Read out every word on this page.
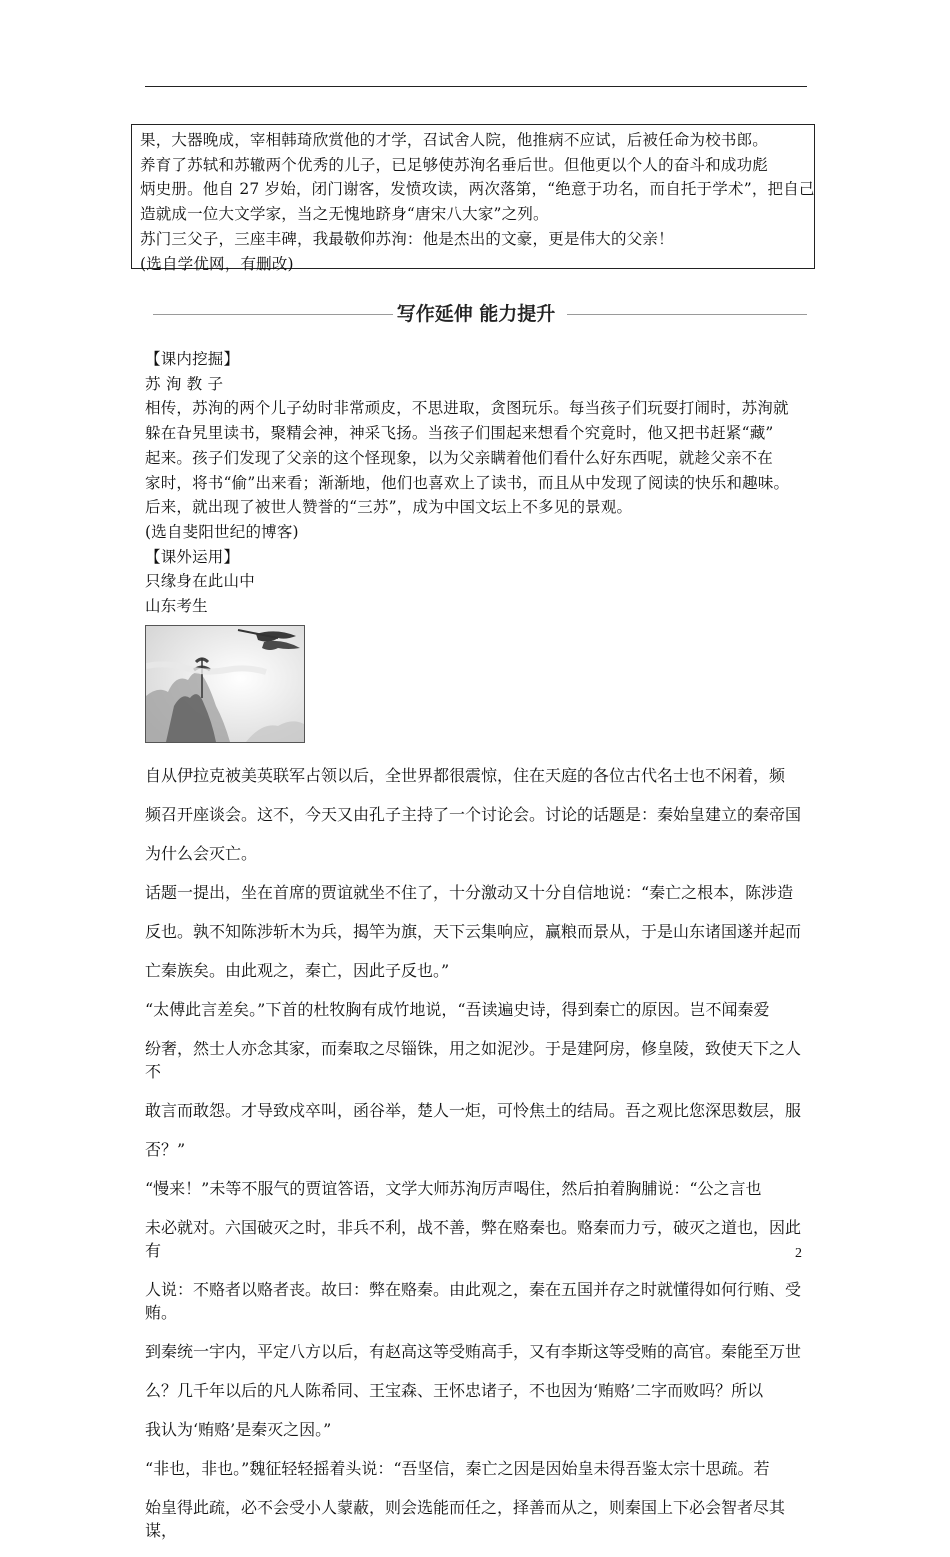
果，大器晚成，宰相韩琦欣赏他的才学，召试舍人院，他推病不应试，后被任命为校书郎。

养育了苏轼和苏辙两个优秀的儿子，已足够使苏洵名垂后世。但他更以个人的奋斗和成功彪

炳史册。他自 27 岁始，闭门谢客，发愤攻读，两次落第，“绝意于功名，而自托于学术”，把自己

造就成一位大文学家，当之无愧地跻身“唐宋八大家”之列。

苏门三父子，三座丰碑，我最敬仰苏洵：他是杰出的文豪，更是伟大的父亲！

(选自学优网，有删改)

写作延伸 能力提升

【课内挖掘】

苏 洵 教 子

相传，苏洵的两个儿子幼时非常顽皮，不思进取，贪图玩乐。每当孩子们玩耍打闹时，苏洵就

躲在旮旯里读书，聚精会神，神采飞扬。当孩子们围起来想看个究竟时，他又把书赶紧“藏”

起来。孩子们发现了父亲的这个怪现象，以为父亲瞒着他们看什么好东西呢，就趁父亲不在

家时，将书“偷”出来看；渐渐地，他们也喜欢上了读书，而且从中发现了阅读的快乐和趣味。

后来，就出现了被世人赞誉的“三苏”，成为中国文坛上不多见的景观。

(选自斐阳世纪的博客)

【课外运用】

只缘身在此山中

山东考生

自从伊拉克被美英联军占领以后，全世界都很震惊，住在天庭的各位古代名士也不闲着，频

频召开座谈会。这不，今天又由孔子主持了一个讨论会。讨论的话题是：秦始皇建立的秦帝国

为什么会灭亡。

话题一提出，坐在首席的贾谊就坐不住了，十分激动又十分自信地说：“秦亡之根本，陈涉造

反也。孰不知陈涉斩木为兵，揭竿为旗，天下云集响应，赢粮而景从，于是山东诸国遂并起而

亡秦族矣。由此观之，秦亡，因此子反也。”

“太傅此言差矣。”下首的杜牧胸有成竹地说，“吾读遍史诗，得到秦亡的原因。岂不闻秦爱

纷奢，然士人亦念其家，而秦取之尽锱铢，用之如泥沙。于是建阿房，修皇陵，致使天下之人不

敢言而敢怨。才导致戍卒叫，函谷举，楚人一炬，可怜焦土的结局。吾之观比您深思数层，服

否？”

“慢来！”未等不服气的贾谊答语，文学大师苏洵厉声喝住，然后拍着胸脯说：“公之言也

未必就对。六国破灭之时，非兵不利，战不善，弊在赂秦也。赂秦而力亏，破灭之道也，因此有

人说：不赂者以赂者丧。故曰：弊在赂秦。由此观之，秦在五国并存之时就懂得如何行贿、受贿。

到秦统一宇内，平定八方以后，有赵高这等受贿高手，又有李斯这等受贿的高官。秦能至万世

么？几千年以后的凡人陈希同、王宝森、王怀忠诸子，不也因为‘贿赂’二字而败吗？所以

我认为‘贿赂’是秦灭之因。”

“非也，非也。”魏征轻轻摇着头说：“吾坚信，秦亡之因是因始皇未得吾鉴太宗十思疏。若

始皇得此疏，必不会受小人蒙蔽，则会选能而任之，择善而从之，则秦国上下必会智者尽其谋，

2
